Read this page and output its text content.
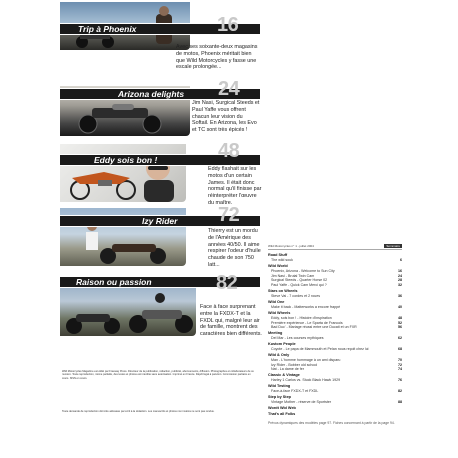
Trip à Phoenix	16
Avec ses soixante-deux magasins de motos, Phoenix méritait bien que Wild Motorcycles y fasse une escale prolongée...
Arizona delights 24
Jim Nasi, Surgical Steeds et Paul Yaffe vous offrent chacun leur vision du Softail. En Arizona, les Evo et TC sont très épicés !
Eddy sois bon !	48
Eddy flashait sur les motos d'un certain James. Il était donc normal qu'il finisse par réinterpréter l'œuvre du maître.
Izy Rider 72
Thierry est un mordu de l'Amérique des années 40/50. Il aime respirer l'odeur d'huile chaude de son 750 latt...
Raison ou passion	82
Face à face surprenant entre la FXDX-T et la FXDL qui, malgré leur air de famille, montrent des caractères bien différents.
Wild Motorcycles Magazine est édité par Freeway Press. Directeur de la publication, rédaction, publicité, abonnements, diffusion. Photographes et collaborateurs de ce numéro. Toute reproduction, même partielle, des textes et photos est interdite sans autorisation. Imprimé en France. Dépôt légal à parution. Commission paritaire en cours. ISSN en cours.
Toute demande de reproduction doit être adressée par écrit à la rédaction. Les manuscrits et photos non insérés ne sont pas rendus.
Wild Motorcycles n° 1 - juillet 2004	Sommaire
Road Stuff
The wild souk	6
Wild World
Phoenix, Arizona - Welcome to Sun City	16
Jim Nasi - Brutal Twin Cam	24
Surgical Steeds - Quarter Horse 02	28
Paul Yaffe - Quick Cam Merci qui ?	32
Stars on Wheels
Steve Vai - 7 cordes et 2 roues	36
Wild One
Make it back - Matterworks a encore frappé	40
Wild Wheels
Eddy, sois bon ! - Histoire d'inspiration	48
Première expérience - Le Sparta de Francois	52
Bad Duc' - Mariage réussi entre une Ducati et un FXR	56
Meeting
Del Mar - Les courses mythiques	62
Kustom People
Coyote - Le papa de Mammouth et Pelan nous reçoit chez lui	68
Wild & Only
Man - L'homme hommage à un ami disparu	70
Izy Rider - Bobber old school	72
Nat - La dame de fer	74
Classic & Vintage
Harley 1 Carlos vs. Stuck Black Hawk 1929	76
Wild Testing
Face-à-face FXDX-T et FXDL	82
Step by Step
Vintage Mother - réserve de Sportster	88
Wordt Wid Web
That's all Folks
Prévus dynamiques des modèles page 97. Fiches concernant à partir de la page 94.
